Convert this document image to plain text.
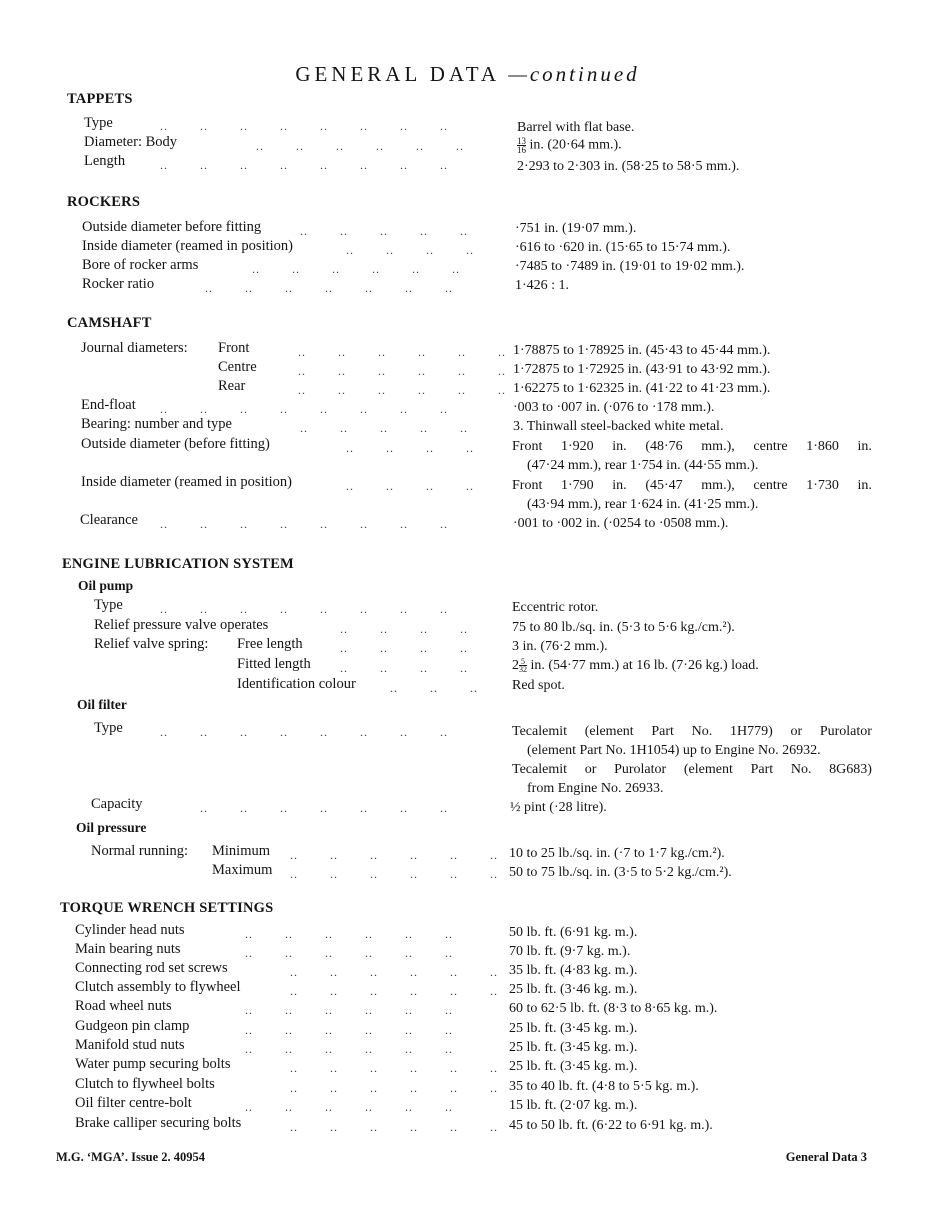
GENERAL DATA —continued
TAPPETS
Type	.. .. .. .. .. .. .. ..	Barrel with flat base.
Diameter: Body	.. .. .. .. .. ..	$\frac{13}{16}$ in. (20·64 mm.).
Length	.. .. .. .. .. .. .. ..	2·293 to 2·303 in. (58·25 to 58·5 mm.).
ROCKERS
Outside diameter before fitting	.. .. .. .. ..	·751 in. (19·07 mm.).
Inside diameter (reamed in position)	.. .. .. ..	·616 to ·620 in. (15·65 to 15·74 mm.).
Bore of rocker arms	.. .. .. .. .. ..	·7485 to ·7489 in. (19·01 to 19·02 mm.).
Rocker ratio	.. .. .. .. .. .. ..	1·426 : 1.
CAMSHAFT
Journal diameters: Front	.. .. .. .. .. .. 1·78875 to 1·78925 in. (45·43 to 45·44 mm.).
Centre	.. .. .. .. .. .. 1·72875 to 1·72925 in. (43·91 to 43·92 mm.).
Rear	.. .. .. .. .. .. 1·62275 to 1·62325 in. (41·22 to 41·23 mm.).
End-float .. .. .. .. .. .. .. ..	·003 to ·007 in. (·076 to ·178 mm.).
Bearing: number and type	.. .. .. .. ..	3. Thinwall steel-backed white metal.
Outside diameter (before fitting)	.. .. .. ..	Front 1·920 in. (48·76 mm.), centre 1·860 in.
(47·24 mm.), rear 1·754 in. (44·55 mm.).
Inside diameter (reamed in position)	.. .. .. ..	Front 1·790 in. (45·47 mm.), centre 1·730 in.
(43·94 mm.), rear 1·624 in. (41·25 mm.).
Clearance .. .. .. .. .. .. .. ..	·001 to ·002 in. (·0254 to ·0508 mm.).
ENGINE LUBRICATION SYSTEM
Oil pump
Type	.. .. .. .. .. .. .. ..	Eccentric rotor.
Relief pressure valve operates	.. .. .. ..	75 to 80 lb./sq. in. (5·3 to 5·6 kg./cm.²).
Relief valve spring: Free length	.. .. .. ..	3 in. (76·2 mm.).
Fitted length .. .. .. ..	$2 \frac{5}{32}$ in. (54·77 mm.) at 16 lb. (7·26 kg.) load.
Identification colour	.. .. .. Red spot.
Oil filter
Type	.. .. .. .. .. .. .. ..	Tecalemit (element Part No. 1H779) or Purolator
(element Part No. 1H1054) up to Engine No. 26932.
Tecalemit or Purolator (element Part No. 8G683)
from Engine No. 26933.
Capacity	.. .. .. .. .. .. ..	½ pint (·28 litre).
Oil pressure
Normal running: Minimum .. .. .. .. .. .. 10 to 25 lb./sq. in. (·7 to 1·7 kg./cm.²).
Maximum .. .. .. .. .. .. 50 to 75 lb./sq. in. (3·5 to 5·2 kg./cm.²).
TORQUE WRENCH SETTINGS
Cylinder head nuts	.. .. .. .. .. ..	50 lb. ft. (6·91 kg. m.).
Main bearing nuts	.. .. .. .. .. ..	70 lb. ft. (9·7 kg. m.).
Connecting rod set screws	.. .. .. .. .. .. 35 lb. ft. (4·83 kg. m.).
Clutch assembly to flywheel	.. .. .. .. .. .. 25 lb. ft. (3·46 kg. m.).
Road wheel nuts	.. .. .. .. .. ..	60 to 62·5 lb. ft. (8·3 to 8·65 kg. m.).
Gudgeon pin clamp	.. .. .. .. .. ..	25 lb. ft. (3·45 kg. m.).
Manifold stud nuts	.. .. .. .. .. ..	25 lb. ft. (3·45 kg. m.).
Water pump securing bolts	.. .. .. .. .. .. 25 lb. ft. (3·45 kg. m.).
Clutch to flywheel bolts	.. .. .. .. .. .. 35 to 40 lb. ft. (4·8 to 5·5 kg. m.).
Oil filter centre-bolt	.. .. .. .. .. ..	15 lb. ft. (2·07 kg. m.).
Brake calliper securing bolts	.. .. .. .. .. .. 45 to 50 lb. ft. (6·22 to 6·91 kg. m.).
M.G. ‘MGA’. Issue 2. 40954	General Data 3
